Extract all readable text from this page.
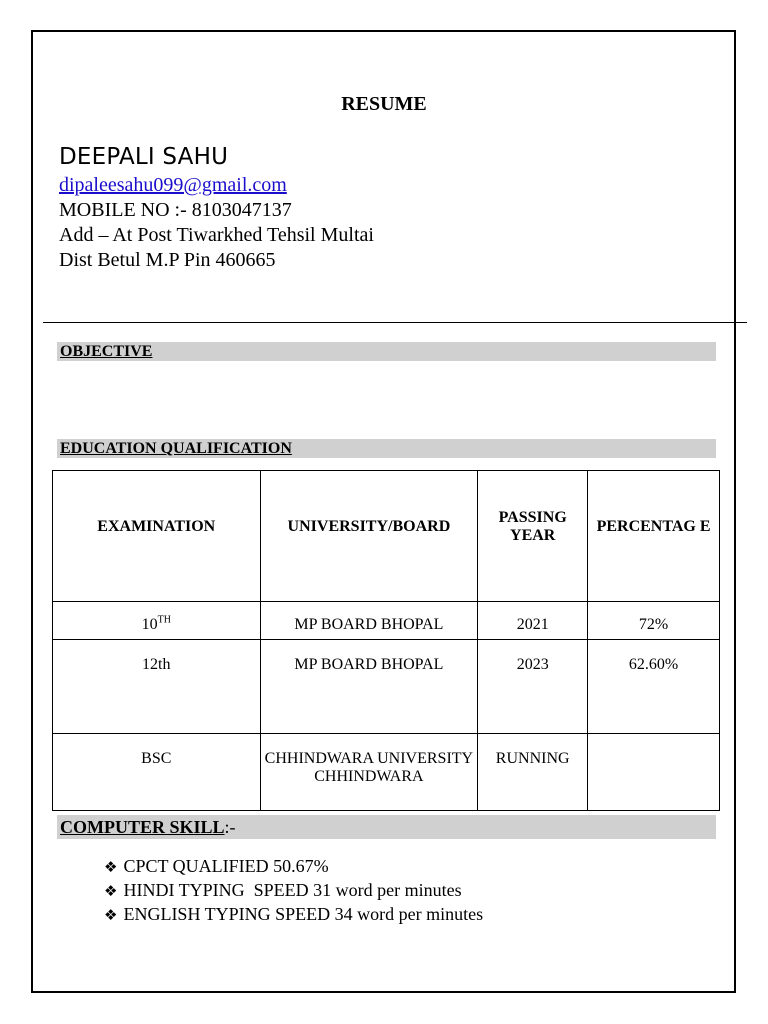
RESUME
DEEPALI SAHU
dipaleesahu099@gmail.com
MOBILE NO :- 8103047137
Add – At Post Tiwarkhed Tehsil Multai
Dist Betul M.P Pin 460665
OBJECTIVE
EDUCATION QUALIFICATION
EXAMINATION	UNIVERSITY/BOARD	PASSING YEAR	PERCENTAG E
10TH	MP BOARD BHOPAL	2021	72%
12th	MP BOARD BHOPAL	2023	62.60%
BSC	CHHINDWARA UNIVERSITY CHHINDWARA	RUNNING	
COMPUTER SKILL:-
❖ CPCT QUALIFIED 50.67%
❖ HINDI TYPING  SPEED 31 word per minutes
❖ ENGLISH TYPING SPEED 34 word per minutes
